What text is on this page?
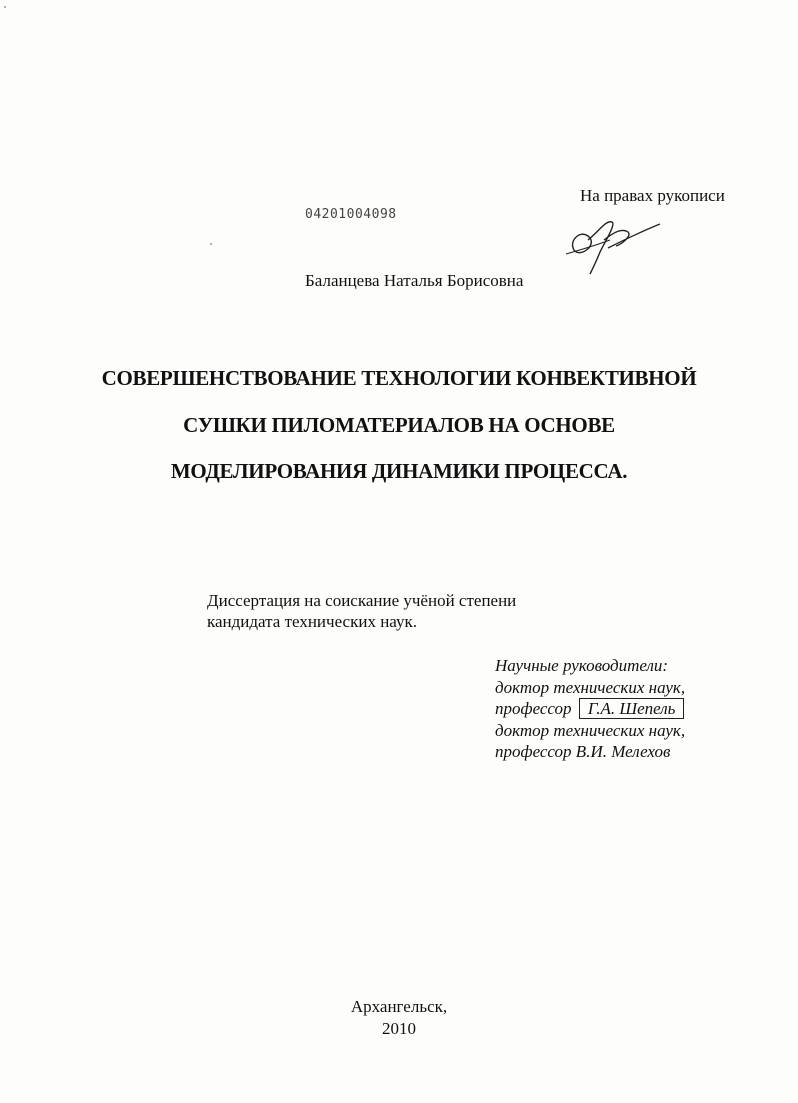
На правах рукописи
04201004098
Баланцева Наталья Борисовна
СОВЕРШЕНСТВОВАНИЕ ТЕХНОЛОГИИ КОНВЕКТИВНОЙ
СУШКИ ПИЛОМАТЕРИАЛОВ НА ОСНОВЕ
МОДЕЛИРОВАНИЯ ДИНАМИКИ ПРОЦЕССА.
Диссертация на соискание учёной степени
кандидата технических наук.
Научные руководители:
доктор технических наук,
профессор Г.А. Шепель
доктор технических наук,
профессор В.И. Мелехов
Архангельск,
2010
